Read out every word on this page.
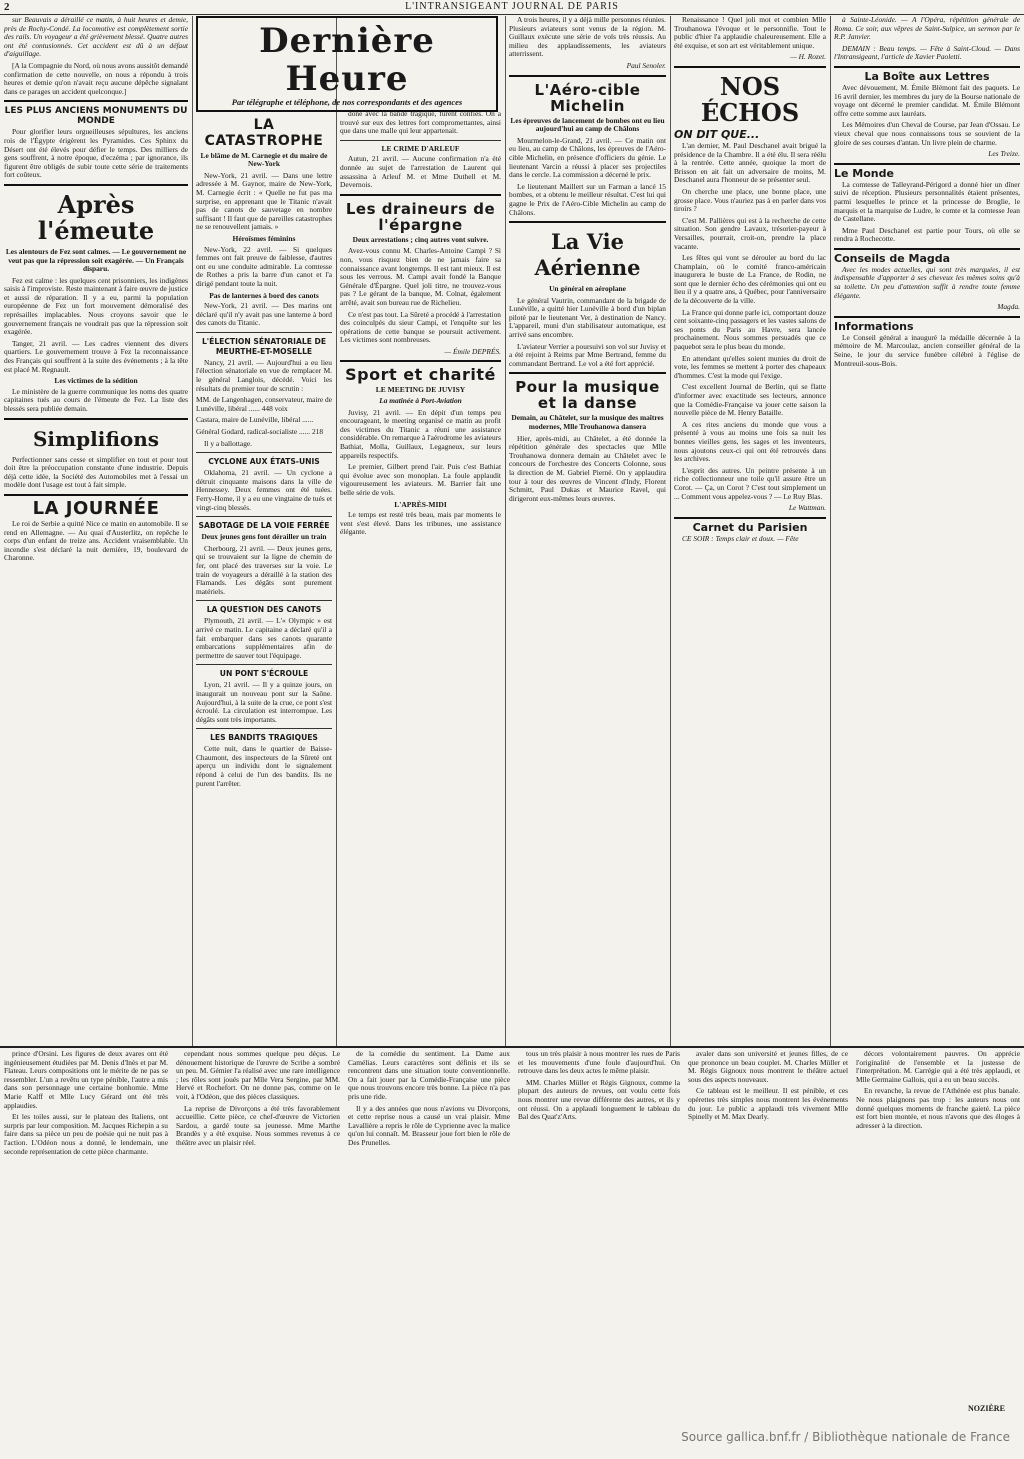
2	L'INTRANSIGEANT JOURNAL DE PARIS

sur Beauvais a déraillé ce matin, à huit heures et demie, près de Rochy-Condé. La locomotive est complètement sortie des rails. Un voyageur a été grièvement blessé. Quatre autres ont été contusionnés. Cet accident est dû à un défaut d'aiguillage.

[A la Compagnie du Nord, où nous avons aussitôt demandé confirmation de cette nouvelle, on nous a répondu à trois heures et demie qu'on n'avait reçu aucune dépêche signalant dans ce parages un accident quelconque.]

LES PLUS ANCIENS MONUMENTS DU MONDE

Pour glorifier leurs orgueilleuses sépultures, les anciens rois de l'Égypte érigèrent les Pyramides. Ces Sphinx du Désert ont été élevés pour défier le temps. Des milliers de gens souffrent, à notre époque, d'eczéma ; par ignorance, ils figurent être obligés de subir toute cette série de traitements fort coûteux.

Après l'émeute
Les alentours de Fez sont calmes. — Le gouvernement ne veut pas que la répression soit exagérée. — Un Français disparu.

Fez est calme : les quelques cent prisonniers, les indigènes saisis à l'improviste. Reste maintenant à faire œuvre de justice et aussi de réparation. Il y a eu, parmi la population européenne de Fez un fort mouvement démoralisé des représailles implacables. Nous croyons savoir que le gouvernement français ne voudrait pas que la répression soit exagérée.

Tanger, 21 avril. — Les cadres viennent des divers quartiers. Le gouvernement trouve à Fez la reconnaissance des Français qui souffrent à la suite des événements ; à la tête est placé M. Regnault.

Les victimes de la sédition

Le ministère de la guerre communique les noms des quatre capitaines tués au cours de l'émeute de Fez. La liste des blessés sera publiée demain.

Simplifions

Perfectionner sans cesse et simplifier en tout et pour tout doit être la préoccupation constante d'une industrie. Depuis déjà cette idée, la Société des Automobiles met à l'essai un modèle dont l'usage est tout à fait simple.

LA JOURNÉE

Le roi de Serbie a quitté Nice ce matin en automobile. Il se rend en Allemagne. — Au quai d'Austerlitz, on repêche le corps d'un enfant de treize ans. Accident vraisemblable. Un incendie s'est déclaré la nuit dernière, 19, boulevard de Charonne.

Dernière Heure
Par télégraphe et téléphone, de nos correspondants et des agences
LA CATASTROPHE
Le blâme de M. Carnegie et du maire de New-York

New-York, 21 avril. — Dans une lettre adressée à M. Gaynor, maire de New-York, M. Carnegie écrit : « Quelle ne fut pas ma surprise, en apprenant que le Titanic n'avait pas de canots de sauvetage en nombre suffisant ! Il faut que de pareilles catastrophes ne se renouvellent jamais. »

Héroïsmes féminins

New-York, 22 avril. — Si quelques femmes ont fait preuve de faiblesse, d'autres ont eu une conduite admirable. La comtesse de Rothes a pris la barre d'un canot et l'a dirigé pendant toute la nuit.

Pas de lanternes à bord des canots

New-York, 21 avril. — Des marins ont déclaré qu'il n'y avait pas une lanterne à bord des canots du Titanic.

L'ÉLECTION SÉNATORIALE DE MEURTHE-ET-MOSELLE

Nancy, 21 avril. — Aujourd'hui a eu lieu l'élection sénatoriale en vue de remplacer M. le général Langlois, décédé. Voici les résultats du premier tour de scrutin :

MM. de Langenhagen, conservateur, maire de Lunéville, libéral ...... 448 voix

Castara, maire de Lunéville, libéral ......

Général Godard, radical-socialiste ...... 218

Il y a ballottage.

CYCLONE AUX ÉTATS-UNIS

Oklahoma, 21 avril. — Un cyclone a détruit cinquante maisons dans la ville de Hennessey. Deux femmes ont été tuées. Ferry-Home, il y a eu une vingtaine de tués et vingt-cinq blessés.

SABOTAGE DE LA VOIE FERRÉE
Deux jeunes gens font dérailler un train

Cherbourg, 21 avril. — Deux jeunes gens, qui se trouvaient sur la ligne de chemin de fer, ont placé des traverses sur la voie. Le train de voyageurs a déraillé à la station des Flamands. Les dégâts sont purement matériels.

LA QUESTION DES CANOTS

Plymouth, 21 avril. — L'« Olympic » est arrivé ce matin. Le capitaine a déclaré qu'il a fait embarquer dans ses canots quarante embarcations supplémentaires afin de permettre de sauver tout l'équipage.

UN PONT S'ÉCROULE

Lyon, 21 avril. — Il y a quinze jours, on inaugurait un nouveau pont sur la Saône. Aujourd'hui, à la suite de la crue, ce pont s'est écroulé. La circulation est interrompue. Les dégâts sont très importants.

LES BANDITS TRAGIQUES

Cette nuit, dans le quartier de Baisse-Chaumont, des inspecteurs de la Sûreté ont aperçu un individu dont le signalement répond à celui de l'un des bandits. Ils ne purent l'arrêter.

done avec la bande tragique, furent confiés. On a trouvé sur eux des lettres fort compromettantes, ainsi que dans une malle qui leur appartenait.

LE CRIME D'ARLEUF

Autun, 21 avril. — Aucune confirmation n'a été donnée au sujet de l'arrestation de Laurent qui assassina à Arleuf M. et Mme Duthell et M. Devernois.

Les draineurs de l'épargne
Deux arrestations ; cinq autres vont suivre.

Avez-vous connu M. Charles-Antoine Campi ? Si non, vous risquez bien de ne jamais faire sa connaissance avant longtemps. Il est tant mieux. Il est sous les verrous. M. Campi avait fondé la Banque Générale d'Épargne. Quel joli titre, ne trouvez-vous pas ? Le gérant de la banque, M. Colnat, également arrêté, avait son bureau rue de Richelieu.

Ce n'est pas tout. La Sûreté a procédé à l'arrestation des coinculpés du sieur Campi, et l'enquête sur les opérations de cette banque se poursuit activement. Les victimes sont nombreuses.

— Émile DEPRÉS.
Sport et charité
LE MEETING DE JUVISY
La matinée à Port-Aviation

Juvisy, 21 avril. — En dépit d'un temps peu encourageant, le meeting organisé ce matin au profit des victimes du Titanic a réuni une assistance considérable. On remarque à l'aérodrome les aviateurs Bathiat, Molla, Guillaux, Legagneux, sur leurs appareils respectifs.

Le premier, Gilbert prend l'air. Puis c'est Bathiat qui évolue avec son monoplan. La foule applaudit vigoureusement les aviateurs. M. Barrier fait une belle série de vols.

L'APRÈS-MIDI

Le temps est resté très beau, mais par moments le vent s'est élevé. Dans les tribunes, une assistance élégante.

A trois heures, il y a déjà mille personnes réunies. Plusieurs aviateurs sont venus de la région. M. Guillaux exécute une série de vols très réussis. Au milieu des applaudissements, les aviateurs atterrissent.

Paul Senoler.
L'Aéro-cible Michelin
Les épreuves de lancement de bombes ont eu lieu aujourd'hui au camp de Châlons

Mourmelon-le-Grand, 21 avril. — Ce matin ont eu lieu, au camp de Châlons, les épreuves de l'Aéro-cible Michelin, en présence d'officiers du génie. Le lieutenant Varcin a réussi à placer ses projectiles dans le cercle. La commission a décerné le prix.

Le lieutenant Maillert sur un Farman a lancé 15 bombes, et a obtenu le meilleur résultat. C'est lui qui gagne le Prix de l'Aéro-Cible Michelin au camp de Châlons.

La Vie Aérienne
Un général en aéroplane

Le général Vautrin, commandant de la brigade de Lunéville, a quitté hier Lunéville à bord d'un biplan piloté par le lieutenant Ver, à destination de Nancy. L'appareil, muni d'un stabilisateur automatique, est arrivé sans encombre.

L'aviateur Verrier a poursuivi son vol sur Juvisy et a été rejoint à Reims par Mme Bertrand, femme du commandant Bertrand. Le vol a été fort apprécié.

Pour la musique et la danse
Demain, au Châtelet, sur la musique des maîtres modernes, Mlle Trouhanowa dansera

Hier, après-midi, au Châtelet, a été donnée la répétition générale des spectacles que Mlle Trouhanowa donnera demain au Châtelet avec le concours de l'orchestre des Concerts Colonne, sous la direction de M. Gabriel Pierné. On y applaudira tour à tour des œuvres de Vincent d'Indy, Florent Schmitt, Paul Dukas et Maurice Ravel, qui dirigeront eux-mêmes leurs œuvres.

Renaissance ! Quel joli mot et combien Mlle Trouhanowa l'évoque et le personnifie. Tout le public d'hier l'a applaudie chaleureusement. Elle a été exquise, et son art est véritablement unique.

— H. Rozet.
NOS ÉCHOS
ON DIT QUE...

L'an dernier, M. Paul Deschanel avait brigué la présidence de la Chambre. Il a été élu. Il sera réélu à la rentrée. Cette année, quoique la mort de Brisson en ait fait un adversaire de moins, M. Deschanel aura l'honneur de se présenter seul.

On cherche une place, une bonne place, une grosse place. Vous n'auriez pas à en parler dans vos tiroirs ?

C'est M. Pallières qui est à la recherche de cette situation. Son gendre Lavaux, trésorier-payeur à Versailles, pourrait, croit-on, prendre la place vacante.

Les fêtes qui vont se dérouler au bord du lac Champlain, où le comité franco-américain inaugurera le buste de La France, de Rodin, ne sont que le dernier écho des cérémonies qui ont eu lieu il y a quatre ans, à Québec, pour l'anniversaire de la découverte de la ville.

La France qui donne parle ici, comportant douze cent soixante-cinq passagers et les vastes salons de ses ponts du Paris au Havre, sera lancée prochainement. Nous sommes persuadés que ce paquebot sera le plus beau du monde.

En attendant qu'elles soient munies du droit de vote, les femmes se mettent à porter des chapeaux d'hommes. C'est la mode qui l'exige.

C'est excellent Journal de Berlin, qui se flatte d'informer avec exactitude ses lecteurs, annonce que la Comédie-Française va jouer cette saison la nouvelle pièce de M. Henry Bataille.

A ces rites anciens du monde que vous a présenté à vous au moins une fois sa nuit les bonnes vieilles gens, les sages et les inventeurs, nous ajoutons ceux-ci qui ont été retrouvés dans les archives.

L'esprit des autres. Un peintre présente à un riche collectionneur une toile qu'il assure être un Corot. — Ça, un Corot ? C'est tout simplement un ... Comment vous appelez-vous ? — Le Ruy Blas.

Le Wattman.
Carnet du Parisien

CE SOIR : Temps clair et doux. — Fête

à Sainte-Léonide. — A l'Opéra, répétition générale de Roma. Ce soir, aux vêpres de Saint-Sulpice, un sermon par le R.P. Janvier.

DEMAIN : Beau temps. — Fête à Saint-Cloud. — Dans l'Intransigeant, l'article de Xavier Paoletti.

La Boîte aux Lettres

Avec dévouement, M. Émile Blémont fait des paquets. Le 16 avril dernier, les membres du jury de la Bourse nationale de voyage ont décerné le premier candidat. M. Émile Blémont offre cette somme aux lauréats.

Les Mémoires d'un Cheval de Course, par Jean d'Ossau. Le vieux cheval que nous connaissons tous se souvient de la gloire de ses courses d'antan. Un livre plein de charme.

Les Treize.
Le Monde

La comtesse de Talleyrand-Périgord a donné hier un dîner suivi de réception. Plusieurs personnalités étaient présentes, parmi lesquelles le prince et la princesse de Broglie, le marquis et la marquise de Ludre, le comte et la comtesse Jean de Castellane.

Mme Paul Deschanel est partie pour Tours, où elle se rendra à Rochecotte.

Conseils de Magda

Avec les modes actuelles, qui sont très marquées, il est indispensable d'apporter à ses cheveux les mêmes soins qu'à sa toilette. Un peu d'attention suffit à rendre toute femme élégante.

Magda.
Informations

Le Conseil général a inauguré la médaille décernée à la mémoire de M. Marcoulaz, ancien conseiller général de la Seine, le jour du service funèbre célébré à l'église de Montreuil-sous-Bois.

prince d'Orsini. Les figures de deux avares ont été ingénieusement étudiées par M. Denis d'Inès et par M. Flateau. Leurs compositions ont le mérite de ne pas se ressembler. L'un a revêtu un type pénible, l'autre a mis dans son personnage une certaine bonhomie. Mme Marie Kalff et Mlle Lucy Gérard ont été très applaudies.

Et les toiles aussi, sur le plateau des Italiens, ont surpris par leur composition. M. Jacques Richepin a su faire dans sa pièce un peu de poésie qui ne nuit pas à l'action. L'Odéon nous a donné, le lendemain, une seconde représentation de cette pièce charmante.

cependant nous sommes quelque peu déçus. Le dénouement historique de l'œuvre de Scribe a sombré un peu. M. Gémier l'a réalisé avec une rare intelligence ; les rôles sont joués par Mlle Vera Sergine, par MM. Hervé et Rochefort. On ne donne pas, comme on le voit, à l'Odéon, que des pièces classiques.

La reprise de Divorçons a été très favorablement accueillie. Cette pièce, ce chef-d'œuvre de Victorien Sardou, a gardé toute sa jeunesse. Mme Marthe Brandès y a été exquise. Nous sommes revenus à ce théâtre avec un plaisir réel.

de la comédie du sentiment. La Dame aux Camélias. Leurs caractères sont définis et ils se rencontrent dans une situation toute conventionnelle. On a fait jouer par la Comédie-Française une pièce que nous trouvons encore très bonne. La pièce n'a pas pris une ride.

Il y a des années que nous n'avions vu Divorçons, et cette reprise nous a causé un vrai plaisir. Mme Lavallière a repris le rôle de Cyprienne avec la malice qu'on lui connaît. M. Brasseur joue fort bien le rôle de Des Prunelles.

tous un très plaisir à nous montrer les rues de Paris et les mouvements d'une foule d'aujourd'hui. On retrouve dans les deux actes le même plaisir.

MM. Charles Müller et Régis Gignoux, comme la plupart des auteurs de revues, ont voulu cette fois nous montrer une revue différente des autres, et ils y ont réussi. On a applaudi longuement le tableau du Bal des Quat'z'Arts.

avaler dans son université et jeunes filles, de ce que prononce un beau couplet. M. Charles Müller et M. Régis Gignoux nous montrent le théâtre actuel sous des aspects nouveaux.

Ce tableau est le meilleur. Il est pénible, et ces opérettes très simples nous montrent les événements du jour. Le public a applaudi très vivement Mlle Spinelly et M. Max Dearly.

décors volontairement pauvres. On apprécie l'originalité de l'ensemble et la justesse de l'interprétation. M. Carrégie qui a été très applaudi, et Mlle Germaine Gallois, qui a eu un beau succès.

En revanche, la revue de l'Athénée est plus banale. Ne nous plaignons pas trop : les auteurs nous ont donné quelques moments de franche gaieté. La pièce est fort bien montée, et nous n'avons que des éloges à adresser à la direction.

NOZIÈRE
Source gallica.bnf.fr / Bibliothèque nationale de France
